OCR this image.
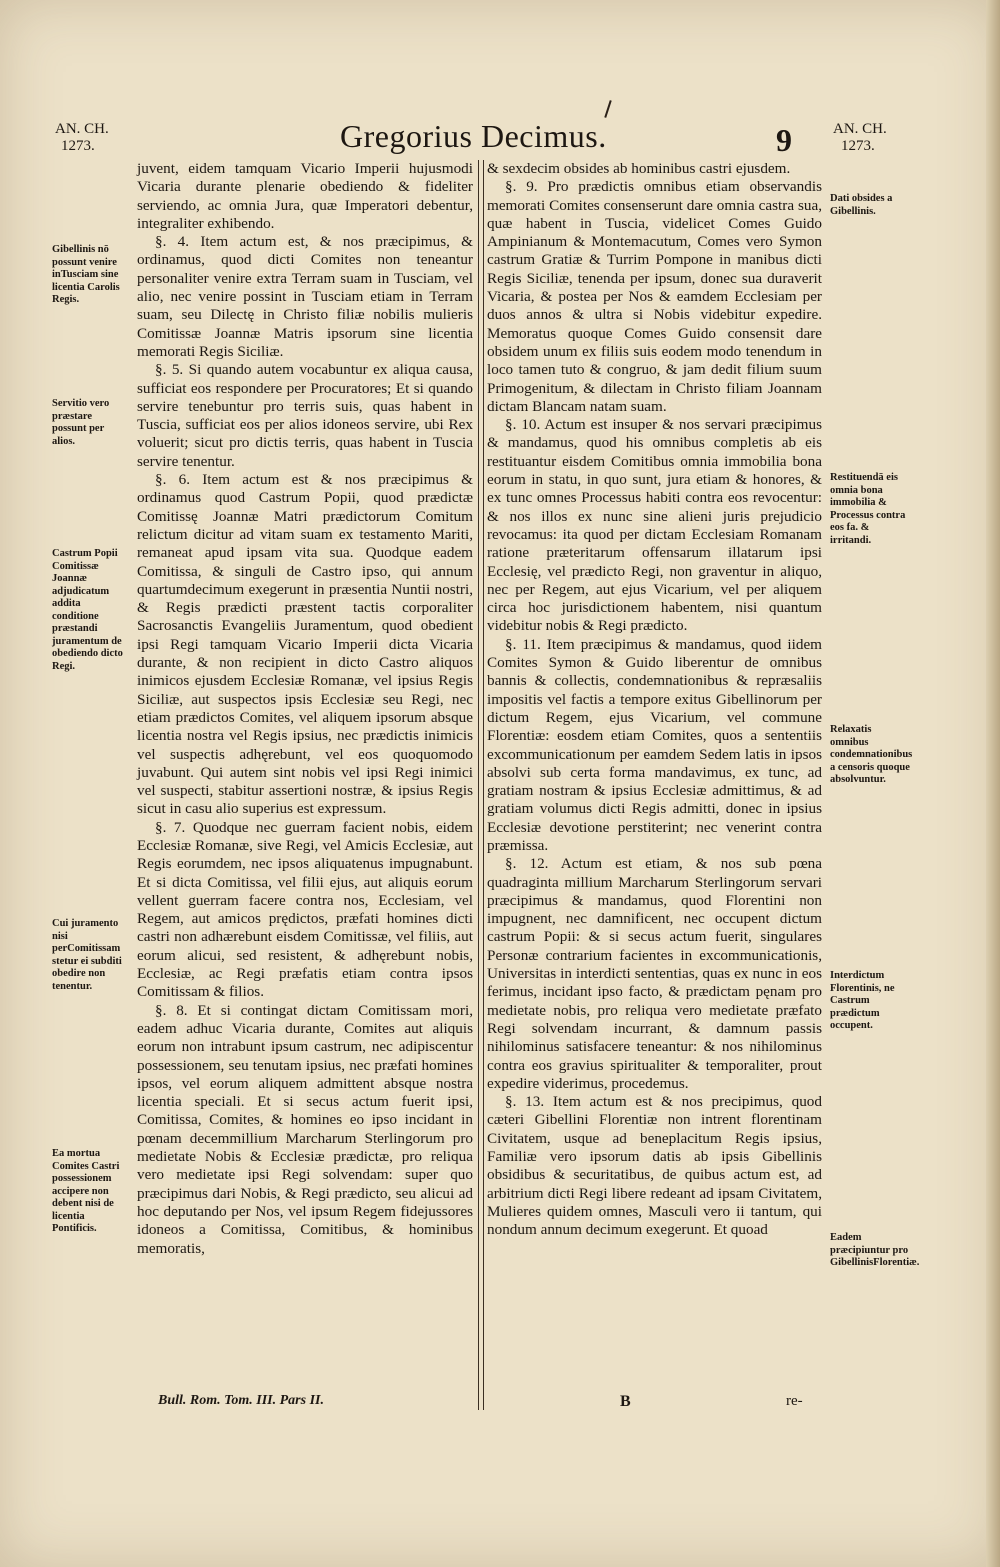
AN. CH.
1273.	Gregorius Decimus.	9	AN. CH.
1273.
Gibellinis nō possunt venire inTusciam sine licentia Carolis Regis.
Servitio vero præstare possunt per alios.
Castrum Popii Comitissæ Joannæ adjudicatum addita conditione præstandi juramentum de obediendo dicto Regi.
Cui juramento nisi perComitissam stetur ei subditi obedire non tenentur.
Ea mortua Comites Castri possessionem accipere non debent nisi de licentia Pontificis.

juvent, eidem tamquam Vicario Imperii hujusmodi Vicaria durante plenarie obediendo & fideliter serviendo, ac omnia Jura, quæ Imperatori debentur, integraliter exhibendo.

§. 4. Item actum est, & nos præcipimus, & ordinamus, quod dicti Comites non teneantur personaliter venire extra Terram suam in Tusciam, vel alio, nec venire possint in Tusciam etiam in Terram suam, seu Dilectę in Christo filiæ nobilis mulieris Comitissæ Joannæ Matris ipsorum sine licentia memorati Regis Siciliæ.

§. 5. Si quando autem vocabuntur ex aliqua causa, sufficiat eos respondere per Procuratores; Et si quando servire tenebuntur pro terris suis, quas habent in Tuscia, sufficiat eos per alios idoneos servire, ubi Rex voluerit; sicut pro dictis terris, quas habent in Tuscia servire tenentur.

§. 6. Item actum est & nos præcipimus & ordinamus quod Castrum Popii, quod prædictæ Comitissę Joannæ Matri prædictorum Comitum relictum dicitur ad vitam suam ex testamento Mariti, remaneat apud ipsam vita sua. Quodque eadem Comitissa, & singuli de Castro ipso, qui annum quartumdecimum exegerunt in præsentia Nuntii nostri, & Regis prædicti præstent tactis corporaliter Sacrosanctis Evangeliis Juramentum, quod obedient ipsi Regi tamquam Vicario Imperii dicta Vicaria durante, & non recipient in dicto Castro aliquos inimicos ejusdem Ecclesiæ Romanæ, vel ipsius Regis Siciliæ, aut suspectos ipsis Ecclesiæ seu Regi, nec etiam prædictos Comites, vel aliquem ipsorum absque licentia nostra vel Regis ipsius, nec prædictis inimicis vel suspectis adhęrebunt, vel eos quoquomodo juvabunt. Qui autem sint nobis vel ipsi Regi inimici vel suspecti, stabitur assertioni nostræ, & ipsius Regis sicut in casu alio superius est expressum.

§. 7. Quodque nec guerram facient nobis, eidem Ecclesiæ Romanæ, sive Regi, vel Amicis Ecclesiæ, aut Regis eorumdem, nec ipsos aliquatenus impugnabunt. Et si dicta Comitissa, vel filii ejus, aut aliquis eorum vellent guerram facere contra nos, Ecclesiam, vel Regem, aut amicos prędictos, præfati homines dicti castri non adhærebunt eisdem Comitissæ, vel filiis, aut eorum alicui, sed resistent, & adhęrebunt nobis, Ecclesiæ, ac Regi præfatis etiam contra ipsos Comitissam & filios.

§. 8. Et si contingat dictam Comitissam mori, eadem adhuc Vicaria durante, Comites aut aliquis eorum non intrabunt ipsum castrum, nec adipiscentur possessionem, seu tenutam ipsius, nec præfati homines ipsos, vel eorum aliquem admittent absque nostra licentia speciali. Et si secus actum fuerit ipsi, Comitissa, Comites, & homines eo ipso incidant in pœnam decemmillium Marcharum Sterlingorum pro medietate Nobis & Ecclesiæ prædictæ, pro reliqua vero medietate ipsi Regi solvendam: super quo præcipimus dari Nobis, & Regi prædicto, seu alicui ad hoc deputando per Nos, vel ipsum Regem fidejussores idoneos a Comitissa, Comitibus, & hominibus memoratis,

& sexdecim obsides ab hominibus castri ejusdem.

§. 9. Pro prædictis omnibus etiam observandis memorati Comites consenserunt dare omnia castra sua, quæ habent in Tuscia, videlicet Comes Guido Ampinianum & Montemacutum, Comes vero Symon castrum Gratiæ & Turrim Pompone in manibus dicti Regis Siciliæ, tenenda per ipsum, donec sua duraverit Vicaria, & postea per Nos & eamdem Ecclesiam per duos annos & ultra si Nobis videbitur expedire. Memoratus quoque Comes Guido consensit dare obsidem unum ex filiis suis eodem modo tenendum in loco tamen tuto & congruo, & jam dedit filium suum Primogenitum, & dilectam in Christo filiam Joannam dictam Blancam natam suam.

§. 10. Actum est insuper & nos servari præcipimus & mandamus, quod his omnibus completis ab eis restituantur eisdem Comitibus omnia immobilia bona eorum in statu, in quo sunt, jura etiam & honores, & ex tunc omnes Processus habiti contra eos revocentur: & nos illos ex nunc sine alieni juris prejudicio revocamus: ita quod per dictam Ecclesiam Romanam ratione præteritarum offensarum illatarum ipsi Ecclesię, vel prædicto Regi, non graventur in aliquo, nec per Regem, aut ejus Vicarium, vel per aliquem circa hoc jurisdictionem habentem, nisi quantum videbitur nobis & Regi prædicto.

§. 11. Item præcipimus & mandamus, quod iidem Comites Symon & Guido liberentur de omnibus bannis & collectis, condemnationibus & repræsaliis impositis vel factis a tempore exitus Gibellinorum per dictum Regem, ejus Vicarium, vel commune Florentiæ: eosdem etiam Comites, quos a sententiis excommunicationum per eamdem Sedem latis in ipsos absolvi sub certa forma mandavimus, ex tunc, ad gratiam nostram & ipsius Ecclesiæ admittimus, & ad gratiam volumus dicti Regis admitti, donec in ipsius Ecclesiæ devotione perstiterint; nec venerint contra præmissa.

§. 12. Actum est etiam, & nos sub pœna quadraginta millium Marcharum Sterlingorum servari præcipimus & mandamus, quod Florentini non impugnent, nec damnificent, nec occupent dictum castrum Popii: & si secus actum fuerit, singulares Personæ contrarium facientes in excommunicationis, Universitas in interdicti sententias, quas ex nunc in eos ferimus, incidant ipso facto, & prædictam pęnam pro medietate nobis, pro reliqua vero medietate præfato Regi solvendam incurrant, & damnum passis nihilominus satisfacere teneantur: & nos nihilominus contra eos gravius spiritualiter & temporaliter, prout expedire viderimus, procedemus.

§. 13. Item actum est & nos precipimus, quod cæteri Gibellini Florentiæ non intrent florentinam Civitatem, usque ad beneplacitum Regis ipsius, Familiæ vero ipsorum datis ab ipsis Gibellinis obsidibus & securitatibus, de quibus actum est, ad arbitrium dicti Regi libere redeant ad ipsam Civitatem, Mulieres quidem omnes, Masculi vero ii tantum, qui nondum annum decimum exegerunt. Et quoad

Dati obsides a Gibellinis.
Restituendā eis omnia bona immobilia & Processus contra eos fa. & irritandi.
Relaxatis omnibus condemnationibus a censoris quoque absolvuntur.
Interdictum Florentinis, ne Castrum prædictum occupent.
Eadem præcipiuntur pro GibellinisFlorentiæ.
Bull. Rom. Tom. III. Pars II.	B	re-
